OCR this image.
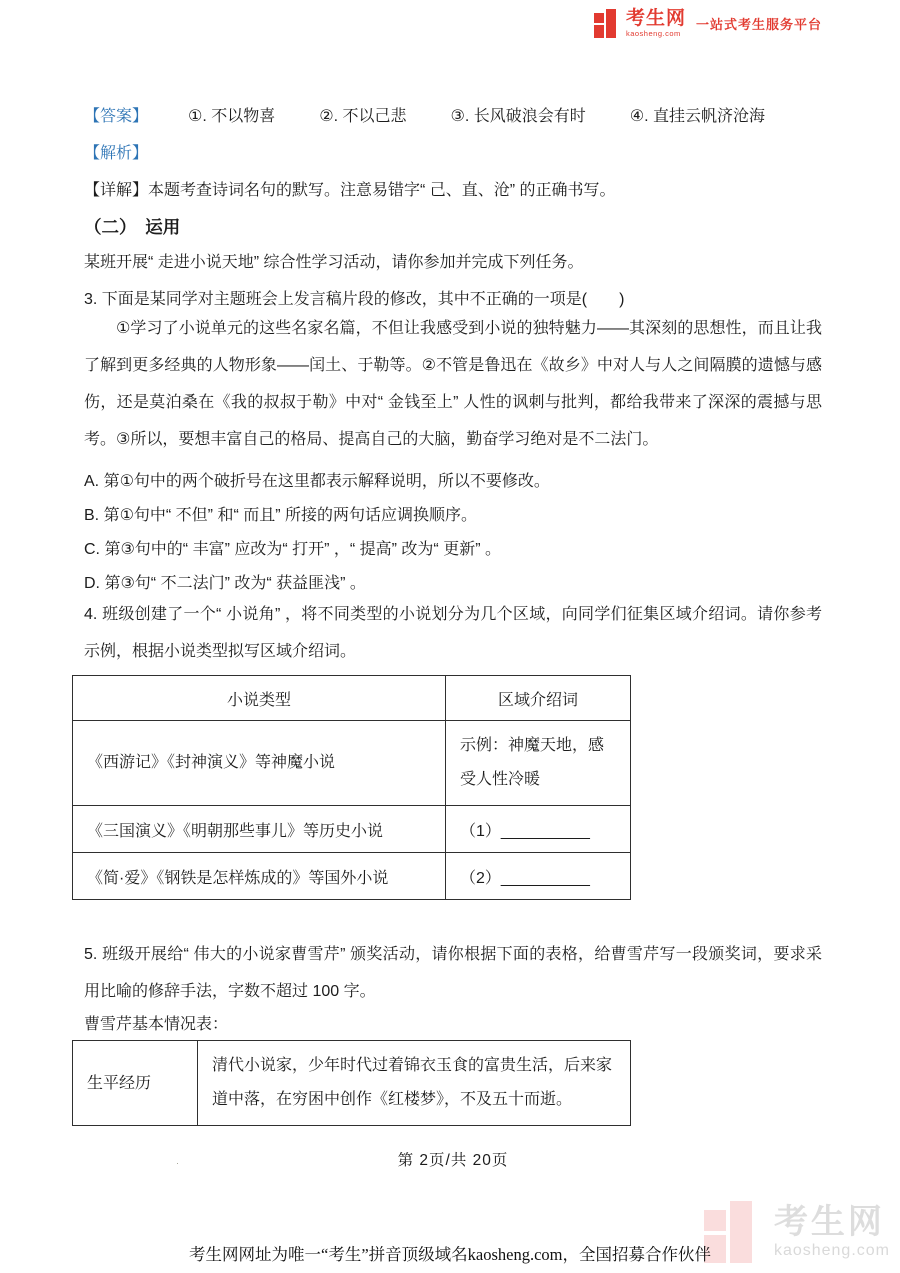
考生网
kaosheng.com
一站式考生服务平台
【答案】	①. 不以物喜	②. 不以己悲	③. 长风破浪会有时	④. 直挂云帆济沧海
【解析】
【详解】本题考查诗词名句的默写。注意易错字“ 己、直、沧” 的正确书写。
（二）　运用
某班开展“ 走进小说天地” 综合性学习活动，请你参加并完成下列任务。
3. 下面是某同学对主题班会上发言稿片段的修改，其中不正确的一项是(　　)
①学习了小说单元的这些名家名篇，不但让我感受到小说的独特魅力——其深刻的思想性，而且让我了解到更多经典的人物形象——闰土、于勒等。②不管是鲁迅在《故乡》中对人与人之间隔膜的遗憾与感伤，还是莫泊桑在《我的叔叔于勒》中对“ 金钱至上” 人性的讽刺与批判，都给我带来了深深的震撼与思考。③所以，要想丰富自己的格局、提高自己的大脑，勤奋学习绝对是不二法门。
A. 第①句中的两个破折号在这里都表示解释说明，所以不要修改。
B. 第①句中“ 不但” 和“ 而且” 所接的两句话应调换顺序。
C. 第③句中的“ 丰富” 应改为“ 打开” ，“ 提高” 改为“ 更新” 。
D. 第③句“ 不二法门” 改为“ 获益匪浅” 。
4. 班级创建了一个“ 小说角” ，将不同类型的小说划分为几个区域，向同学们征集区域介绍词。请你参考示例，根据小说类型拟写区域介绍词。
小说类型	区域介绍词
《西游记》《封神演义》等神魔小说	示例：神魔天地，感受人性冷暖
《三国演义》《明朝那些事儿》等历史小说	（1）__________
《简·爱》《钢铁是怎样炼成的》等国外小说	（2）__________
5. 班级开展给“ 伟大的小说家曹雪芹” 颁奖活动，请你根据下面的表格，给曹雪芹写一段颁奖词，要求采用比喻的修辞手法，字数不超过 100 字。
曹雪芹基本情况表：
生平经历	清代小说家，少年时代过着锦衣玉食的富贵生活，后来家道中落，在穷困中创作《红楼梦》，不及五十而逝。
第 2页/共 20页
·
考生网
kaosheng.com
考生网网址为唯一“考生”拼音顶级域名kaosheng.com，全国招募合作伙伴
